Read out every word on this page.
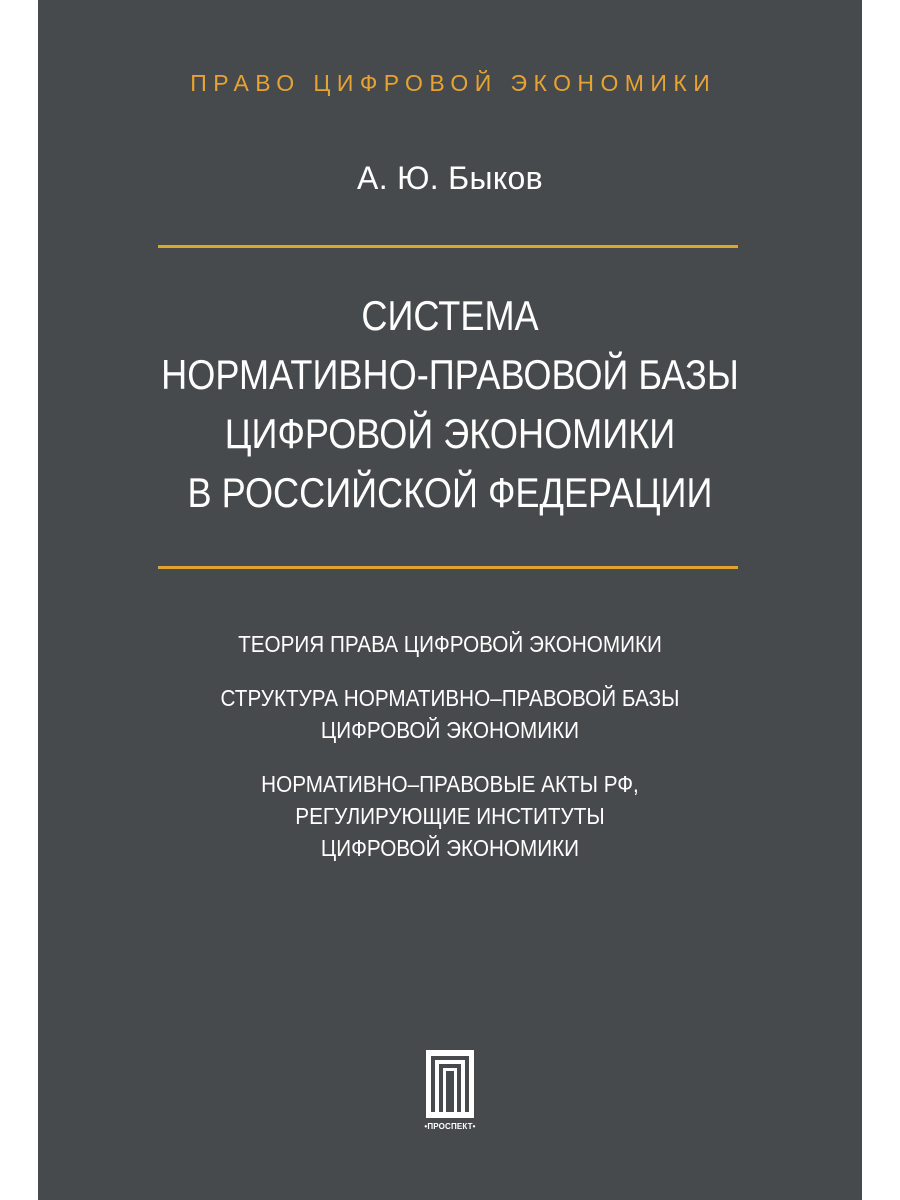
ПРАВО ЦИФРОВОЙ ЭКОНОМИКИ
А. Ю. Быков
СИСТЕМА
НОРМАТИВНО-ПРАВОВОЙ БАЗЫ
ЦИФРОВОЙ ЭКОНОМИКИ
В РОССИЙСКОЙ ФЕДЕРАЦИИ
ТЕОРИЯ ПРАВА ЦИФРОВОЙ ЭКОНОМИКИ
СТРУКТУРА НОРМАТИВНО–ПРАВОВОЙ БАЗЫ
ЦИФРОВОЙ ЭКОНОМИКИ
НОРМАТИВНО–ПРАВОВЫЕ АКТЫ РФ,
РЕГУЛИРУЮЩИЕ ИНСТИТУТЫ
ЦИФРОВОЙ ЭКОНОМИКИ
•ПРОСПЕКТ•
